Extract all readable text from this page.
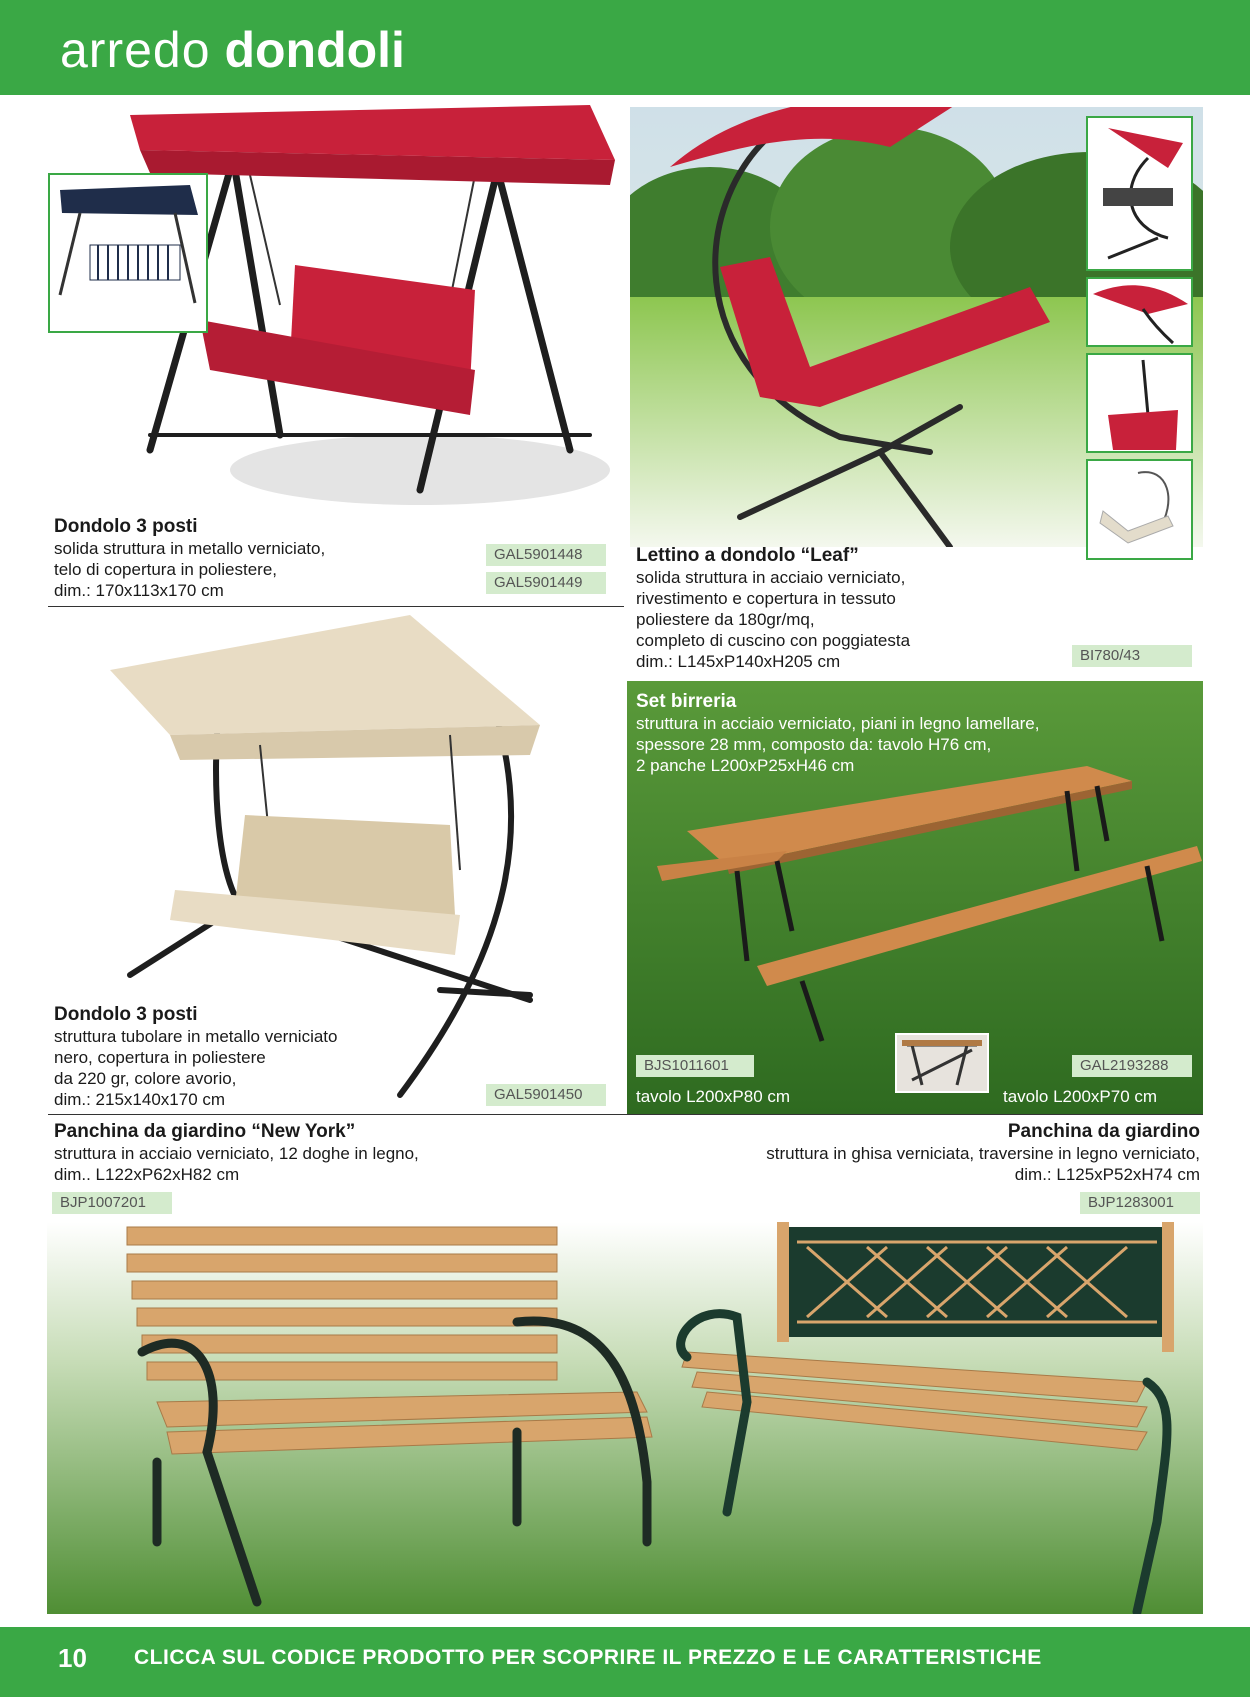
arredo dondoli
Dondolo 3 posti
solida struttura in metallo verniciato,
telo di copertura in poliestere,
dim.: 170x113x170 cm
GAL5901448
GAL5901449
Lettino a dondolo “Leaf”
solida struttura in acciaio verniciato,
rivestimento e copertura in tessuto
poliestere da 180gr/mq,
completo di cuscino con poggiatesta
dim.: L145xP140xH205 cm	BI780/43
Dondolo 3 posti
struttura tubolare in metallo verniciato
nero, copertura in poliestere
da 220 gr, colore avorio,
dim.: 215x140x170 cm	GAL5901450
Set birreria
struttura in acciaio verniciato, piani in legno lamellare,
spessore 28 mm, composto da: tavolo H76 cm,
2 panche L200xP25xH46 cm
BJS1011601	GAL2193288
tavolo L200xP80 cm	tavolo L200xP70 cm
Panchina da giardino “New York”
struttura in acciaio verniciato, 12 doghe in legno,
dim.. L122xP62xH82 cm
BJP1007201
Panchina da giardino
struttura in ghisa verniciata, traversine in legno verniciato,
dim.: L125xP52xH74 cm
BJP1283001
10 CLICCA SUL CODICE PRODOTTO PER SCOPRIRE IL PREZZO E LE CARATTERISTICHE
